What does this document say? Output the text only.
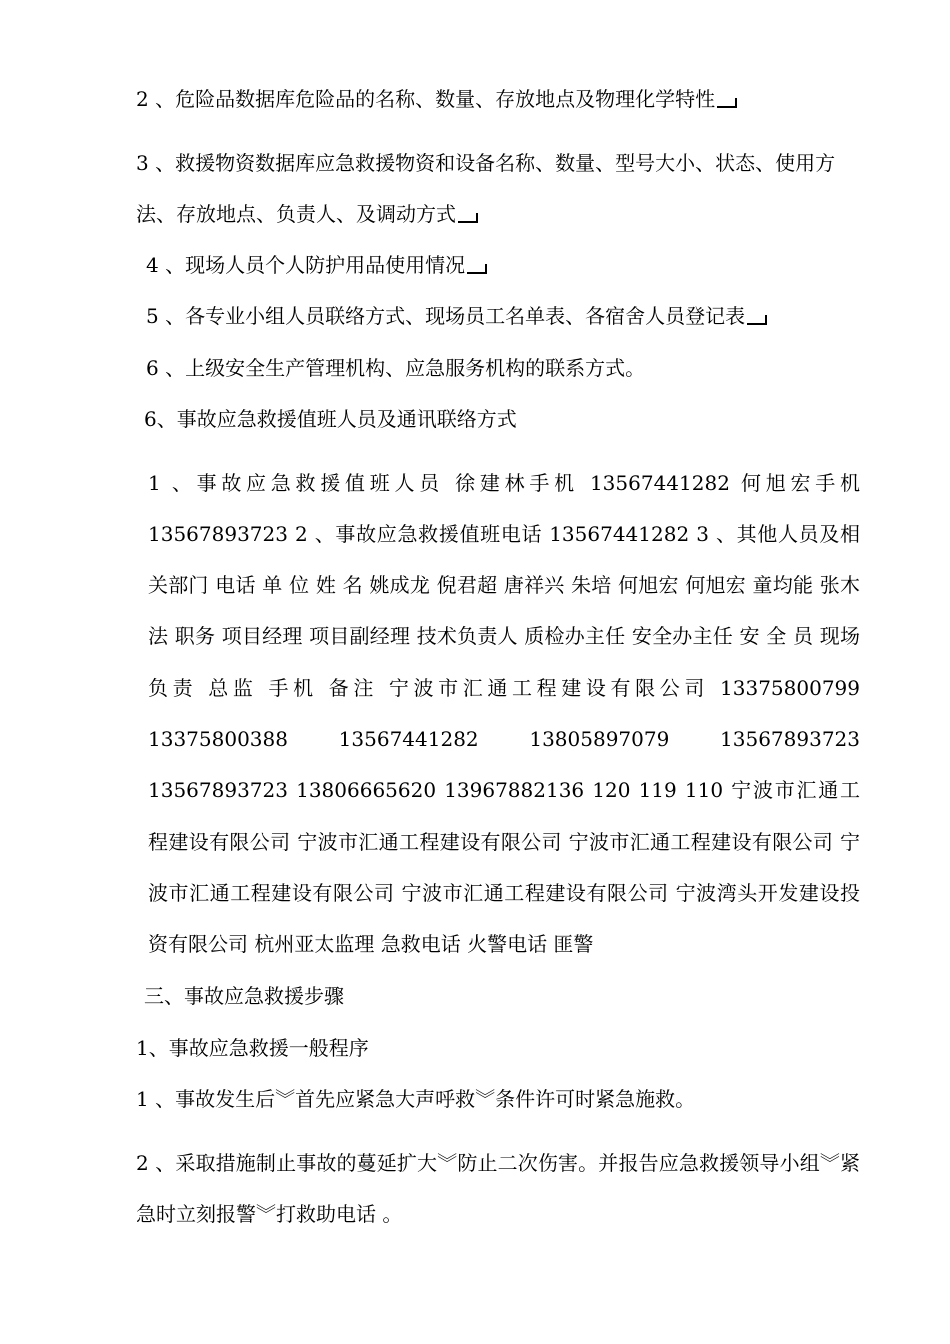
2 、危险品数据库危险品的名称、数量、存放地点及物理化学特性
3 、救援物资数据库应急救援物资和设备名称、数量、型号大小、状态、使用方法、存放地点、负责人、及调动方式
4 、现场人员个人防护用品使用情况
5 、各专业小组人员联络方式、现场员工名单表、各宿舍人员登记表
6 、上级安全生产管理机构、应急服务机构的联系方式。
6、事故应急救援值班人员及通讯联络方式
1 、事故应急救援值班人员 徐建林手机 13567441282 何旭宏手机 13567893723 2 、事故应急救援值班电话 13567441282 3 、其他人员及相关部门 电话 单 位 姓 名 姚成龙 倪君超 唐祥兴 朱培 何旭宏 何旭宏 童均能 张木法 职务 项目经理 项目副经理 技术负责人 质检办主任 安全办主任 安 全 员 现场负责 总监 手机 备注 宁波市汇通工程建设有限公司 13375800799 13375800388 13567441282 13805897079 13567893723 13567893723 13806665620 13967882136 120 119 110 宁波市汇通工程建设有限公司 宁波市汇通工程建设有限公司 宁波市汇通工程建设有限公司 宁波市汇通工程建设有限公司 宁波市汇通工程建设有限公司 宁波湾头开发建设投资有限公司 杭州亚太监理 急救电话 火警电话 匪警
三、事故应急救援步骤
1、事故应急救援一般程序
1 、事故发生后︾首先应紧急大声呼救︾条件许可时紧急施救。
2 、采取措施制止事故的蔓延扩大︾防止二次伤害。并报告应急救援领导小组︾紧急时立刻报警︾打救助电话 。
